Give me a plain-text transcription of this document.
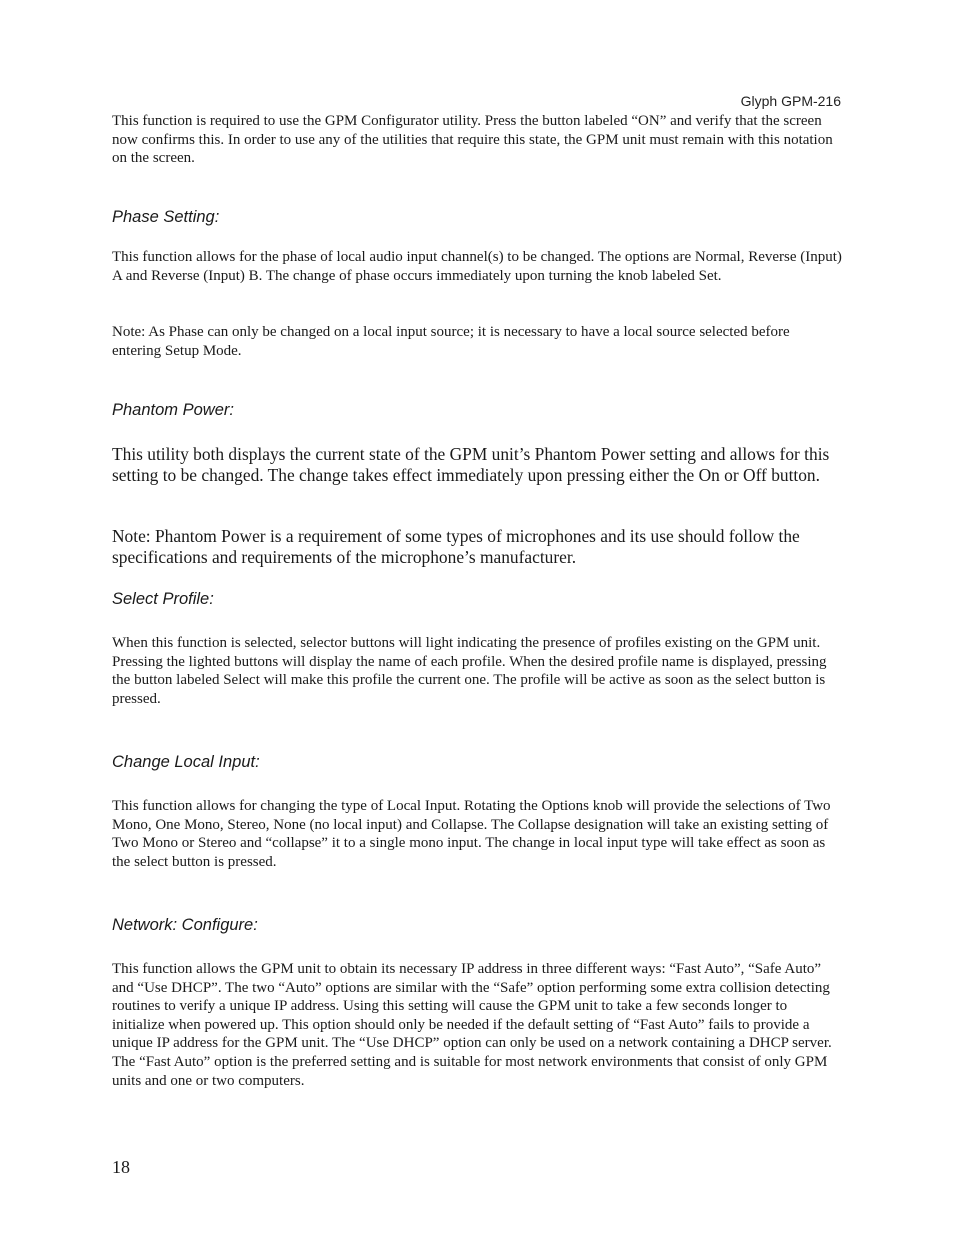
Glyph GPM-216

This function is required to use the GPM Configurator utility. Press the button labeled “ON” and verify that the screen now confirms this. In order to use any of the utilities that require this state, the GPM unit must remain with this notation on the screen.

Phase Setting:

This function allows for the phase of local audio input channel(s) to be changed. The options are Normal, Reverse (Input) A and Reverse (Input) B. The change of phase occurs immediately upon turning the knob labeled Set.

Note: As Phase can only be changed on a local input source; it is necessary to have a local source selected before entering Setup Mode.

Phantom Power:

This utility both displays the current state of the GPM unit’s Phantom Power setting and allows for this setting to be changed. The change takes effect immediately upon pressing either the On or Off button.

Note: Phantom Power is a requirement of some types of microphones and its use should follow the specifications and requirements of the microphone’s manufacturer.

Select Profile:

When this function is selected, selector buttons will light indicating the presence of profiles existing on the GPM unit. Pressing the lighted buttons will display the name of each profile. When the desired profile name is displayed, pressing the button labeled Select will make this profile the current one. The profile will be active as soon as the select button is pressed.

Change Local Input:

This function allows for changing the type of Local Input. Rotating the Options knob will provide the selections of Two Mono, One Mono, Stereo, None (no local input) and Collapse. The Collapse designation will take an existing setting of Two Mono or Stereo and “collapse” it to a single mono input. The change in local input type will take effect as soon as the select button is pressed.

Network: Configure:

This function allows the GPM unit to obtain its necessary IP address in three different ways: “Fast Auto”, “Safe Auto” and “Use DHCP”. The two “Auto” options are similar with the “Safe” option performing some extra collision detecting routines to verify a unique IP address. Using this setting will cause the GPM unit to take a few seconds longer to initialize when powered up. This option should only be needed if the default setting of “Fast Auto” fails to provide a unique IP address for the GPM unit. The “Use DHCP” option can only be used on a network containing a DHCP server. The “Fast Auto” option is the preferred setting and is suitable for most network environments that consist of only GPM units and one or two computers.

18
